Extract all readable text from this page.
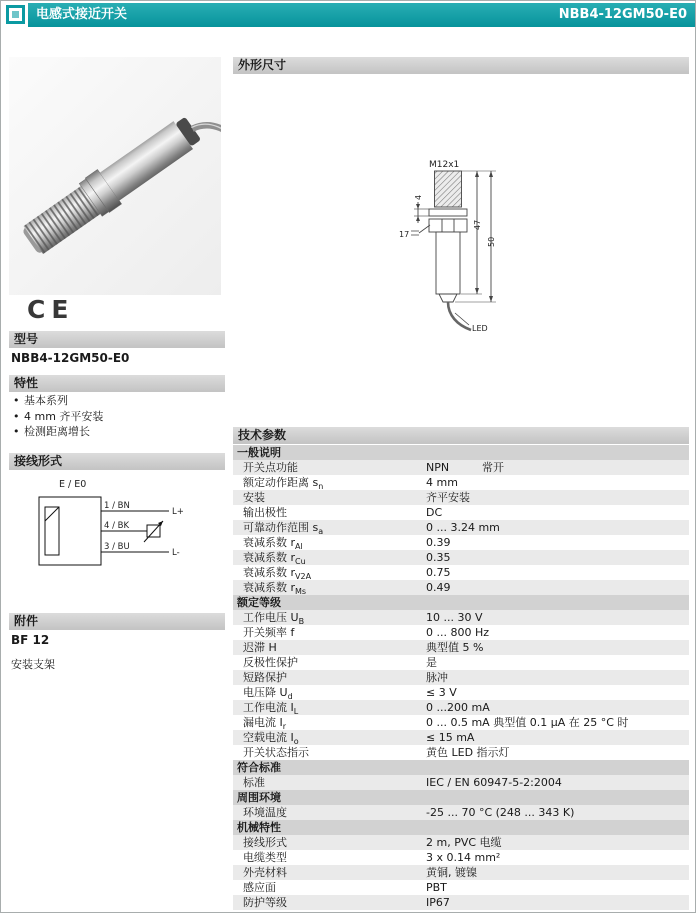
电感式接近开关	NBB4-12GM50-E0
CE
型号
NBB4-12GM50-E0
特性
• 基本系列
• 4 mm 齐平安装
• 检测距离增长
接线形式
E / E0
1 / BN
4 / BK
3 / BU
L+
L-
附件
BF 12
安装支架
外形尺寸
M12x1
LED
47
50
4
17
技术参数
一般说明
开关点功能	NPN	常开
额定动作距离 $s_n$	4 mm
安装	齐平安装
输出极性	DC
可靠动作范围 $s_a$	0 ... 3.24 mm
衰减系数 $r_{Al}$	0.39
衰减系数 $r_{Cu}$	0.35
衰减系数 $r_{V2A}$	0.75
衰减系数 $r_{Ms}$	0.49
额定等级
工作电压 $U_B$	10 ... 30 V
开关频率 f	0 ... 800 Hz
迟滞 H	典型值 5 %
反极性保护	是
短路保护	脉冲
电压降 $U_d$	≤ 3 V
工作电流 $I_L$	0 ...200 mA
漏电流 $I_r$	0 ... 0.5 mA 典型值 0.1 µA 在 25 °C 时
空载电流 $I_o$	≤ 15 mA
开关状态指示	黄色 LED 指示灯
符合标准
标准	IEC / EN 60947-5-2:2004
周围环境
环境温度	-25 ... 70 °C (248 ... 343 K)
机械特性
接线形式	2 m, PVC 电缆
电缆类型	3 x 0.14 mm²
外壳材料	黄铜, 镀镍
感应面	PBT
防护等级	IP67
